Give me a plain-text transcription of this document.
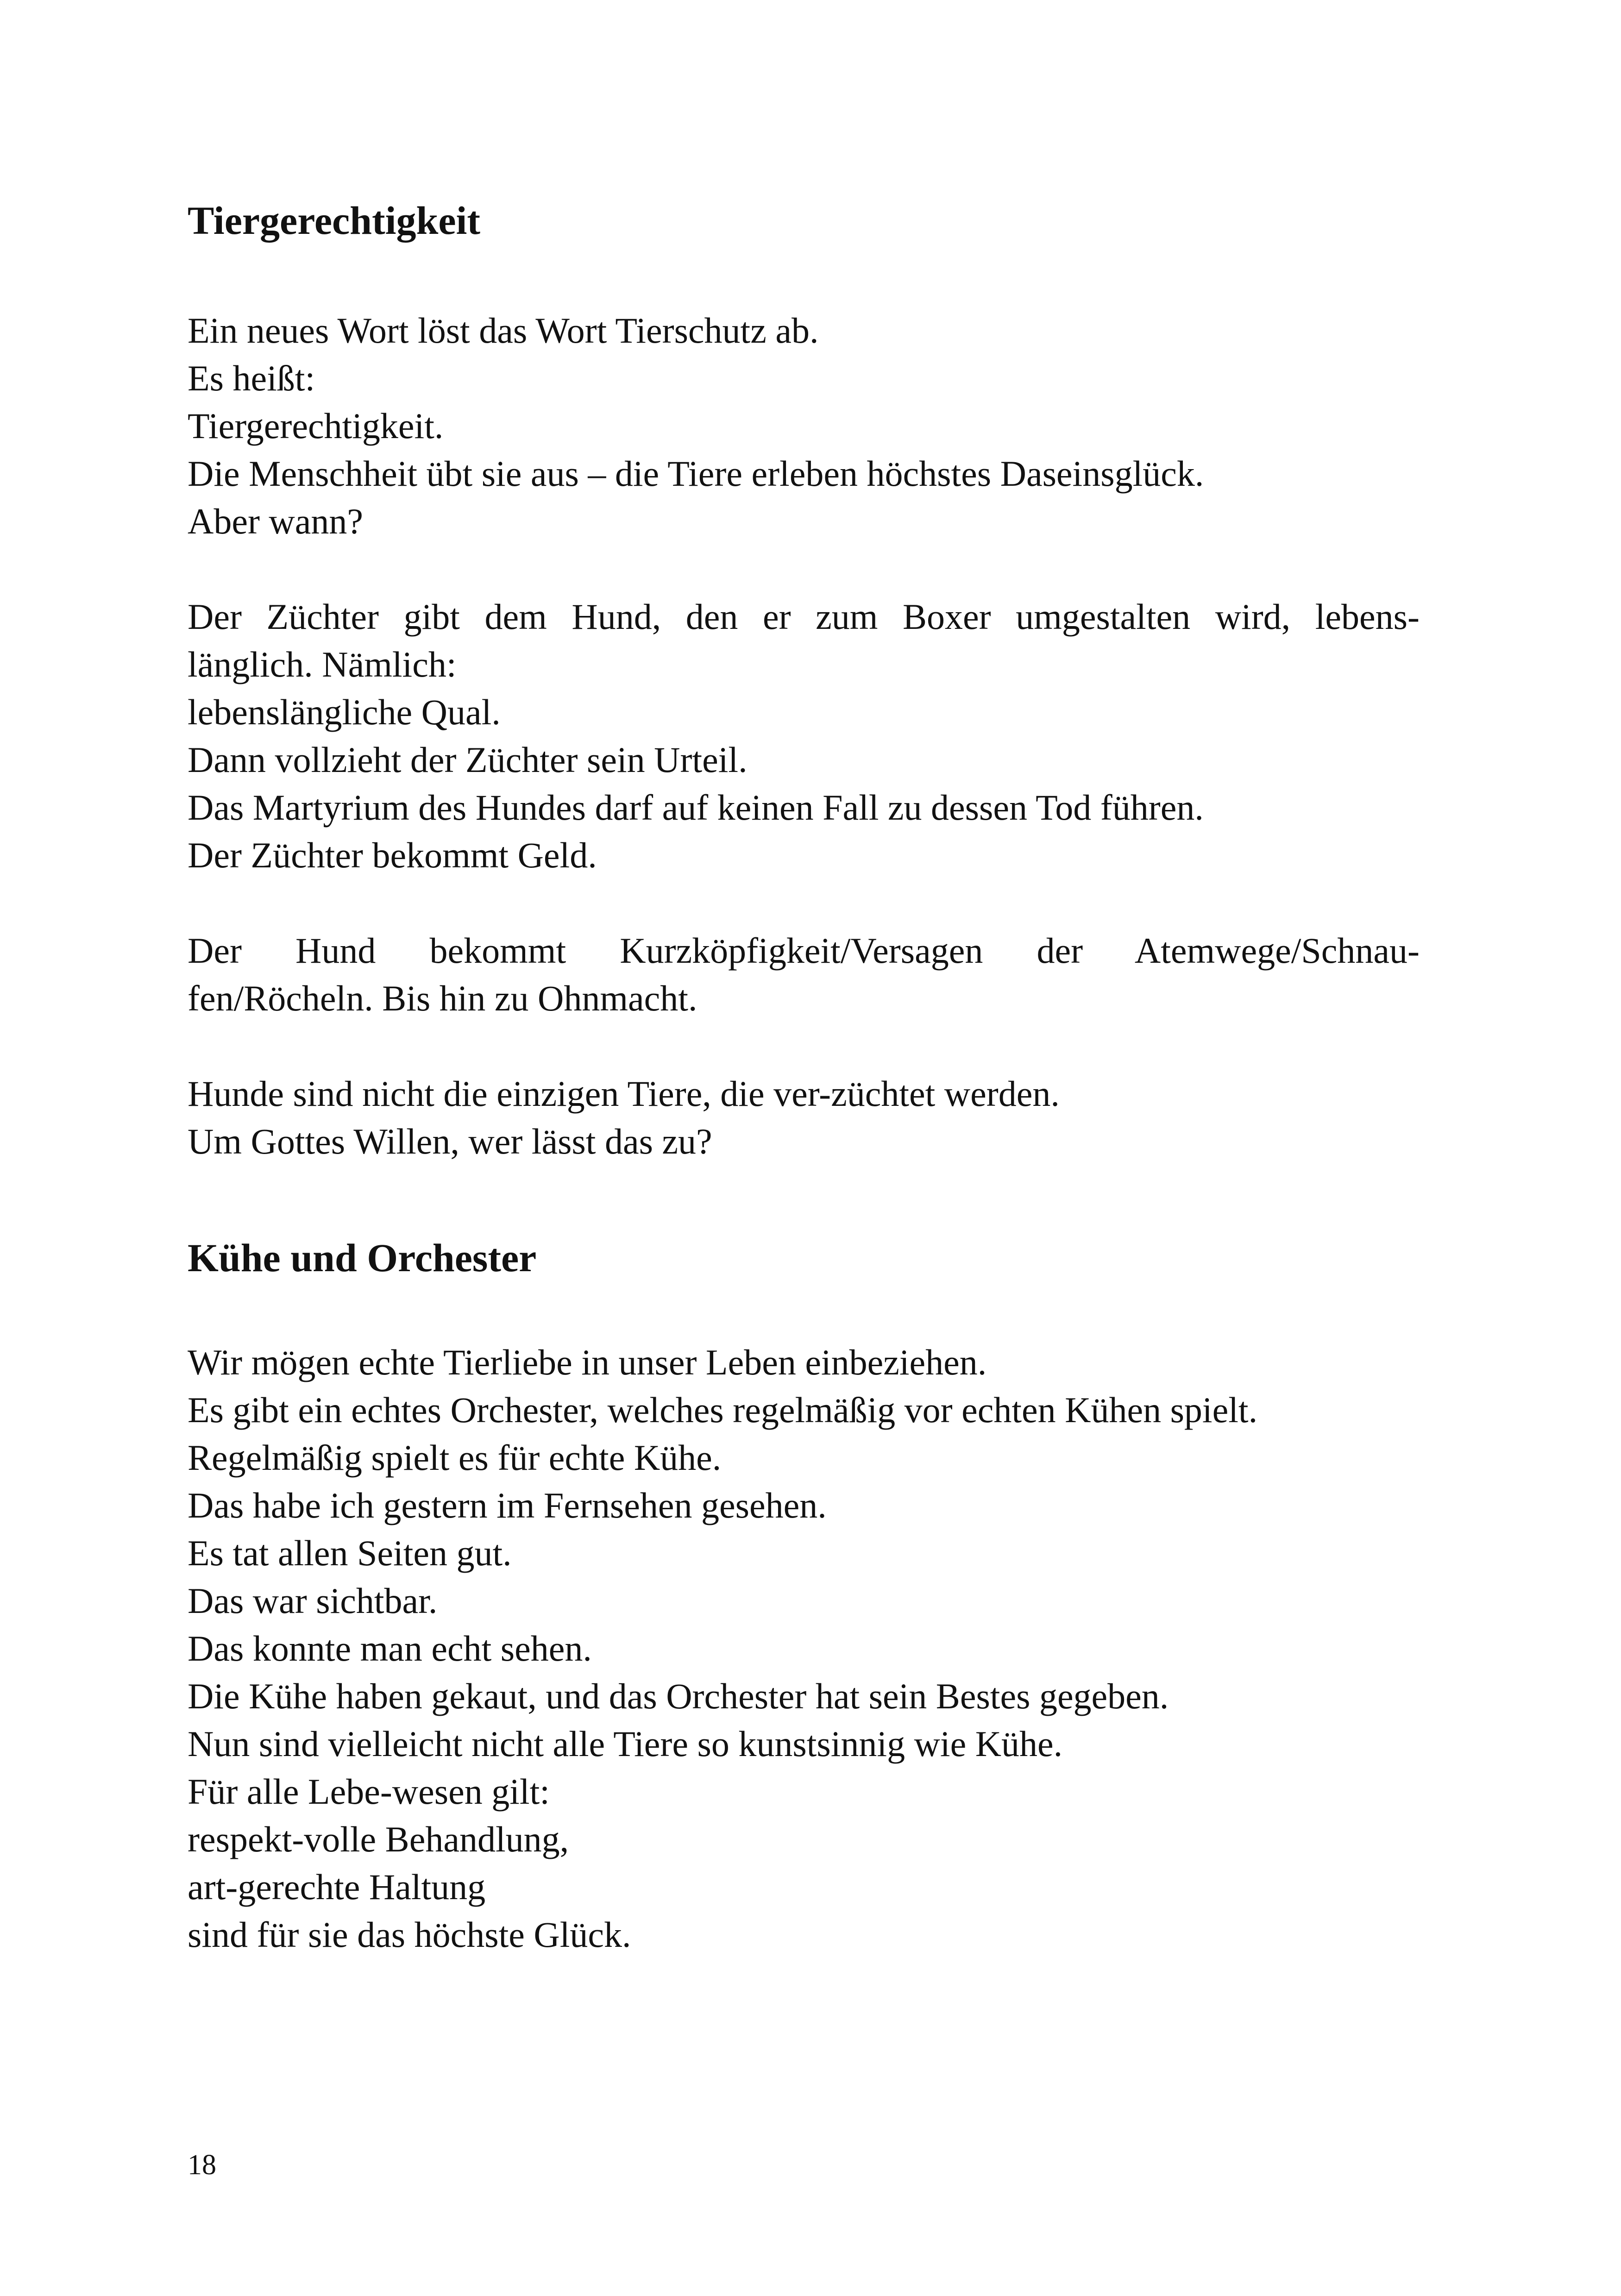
Tiergerechtigkeit

Ein neues Wort löst das Wort Tierschutz ab.
Es heißt:
Tiergerechtigkeit.
Die Menschheit übt sie aus – die Tiere erleben höchstes Daseinsglück.
Aber wann?

Der Züchter gibt dem Hund, den er zum Boxer umgestalten wird, lebens-
länglich. Nämlich:
lebenslängliche Qual.
Dann vollzieht der Züchter sein Urteil.
Das Martyrium des Hundes darf auf keinen Fall zu dessen Tod führen.
Der Züchter bekommt Geld.

Der Hund bekommt Kurzköpfigkeit/Versagen der Atemwege/Schnau-
fen/Röcheln. Bis hin zu Ohnmacht.

Hunde sind nicht die einzigen Tiere, die ver-züchtet werden.
Um Gottes Willen, wer lässt das zu?

Kühe und Orchester

Wir mögen echte Tierliebe in unser Leben einbeziehen.
Es gibt ein echtes Orchester, welches regelmäßig vor echten Kühen spielt.
Regelmäßig spielt es für echte Kühe.
Das habe ich gestern im Fernsehen gesehen.
Es tat allen Seiten gut.
Das war sichtbar.
Das konnte man echt sehen.
Die Kühe haben gekaut, und das Orchester hat sein Bestes gegeben.
Nun sind vielleicht nicht alle Tiere so kunstsinnig wie Kühe.
Für alle Lebe-wesen gilt:
respekt-volle Behandlung,
art-gerechte Haltung
sind für sie das höchste Glück.

18
